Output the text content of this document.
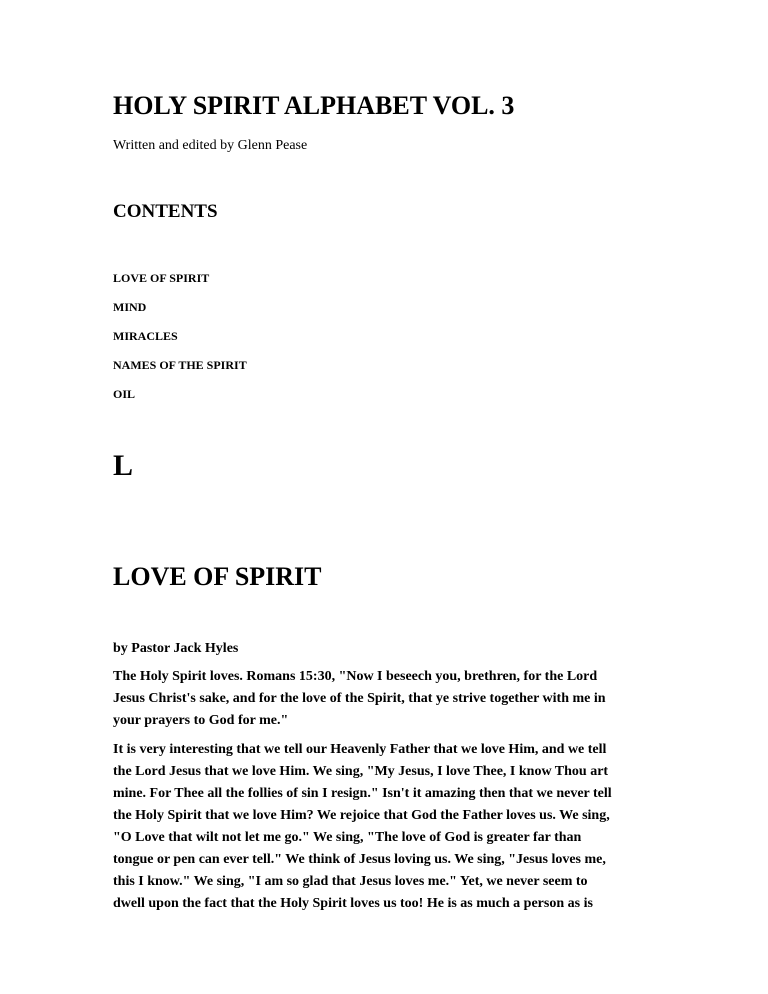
HOLY SPIRIT ALPHABET VOL. 3

Written and edited by Glenn Pease

CONTENTS
LOVE OF SPIRIT
MIND
MIRACLES
NAMES OF THE SPIRIT
OIL
L
LOVE OF SPIRIT

by Pastor Jack Hyles

The Holy Spirit loves. Romans 15:30, "Now I beseech you, brethren, for the Lord
Jesus Christ's sake, and for the love of the Spirit, that ye strive together with me in
your prayers to God for me."

It is very interesting that we tell our Heavenly Father that we love Him, and we tell
the Lord Jesus that we love Him. We sing, "My Jesus, I love Thee, I know Thou art
mine. For Thee all the follies of sin I resign." Isn't it amazing then that we never tell
the Holy Spirit that we love Him? We rejoice that God the Father loves us. We sing,
"O Love that wilt not let me go." We sing, "The love of God is greater far than
tongue or pen can ever tell." We think of Jesus loving us. We sing, "Jesus loves me,
this I know." We sing, "I am so glad that Jesus loves me." Yet, we never seem to
dwell upon the fact that the Holy Spirit loves us too! He is as much a person as is
